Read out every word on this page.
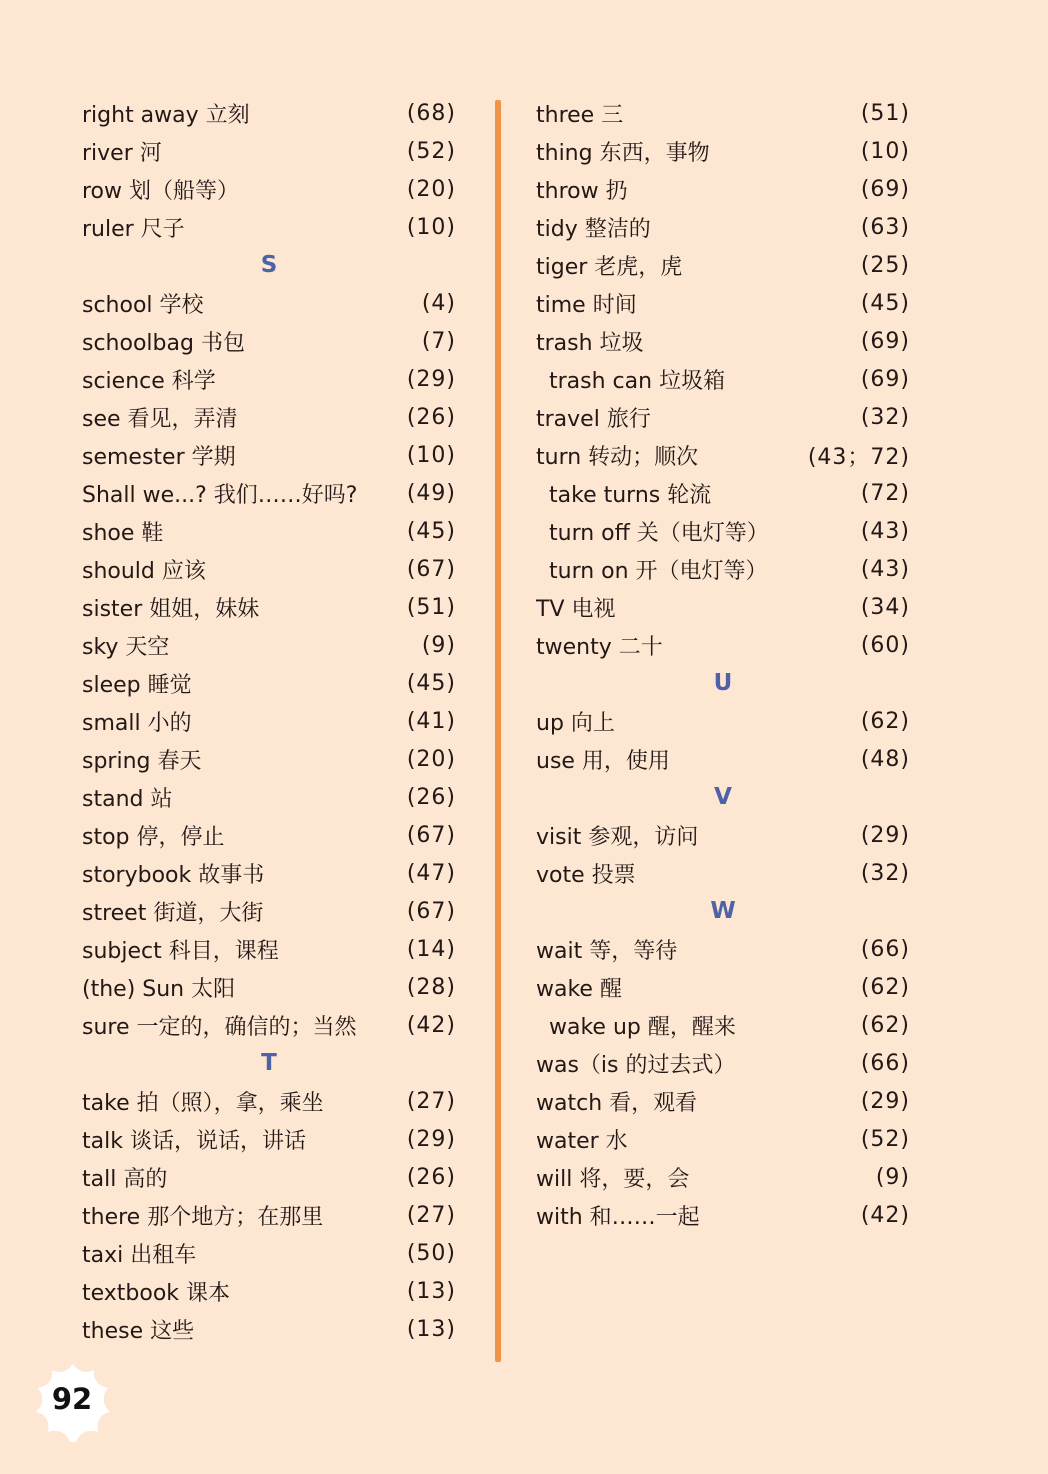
right away 立刻	(68)
river 河	(52)
row 划（船等）	(20)
ruler 尺子	(10)
S
school 学校	(4)
schoolbag 书包	(7)
science 科学	(29)
see 看见，弄清	(26)
semester 学期	(10)
Shall we...? 我们……好吗? (49)
shoe 鞋	(45)
should 应该	(67)
sister 姐姐，妹妹	(51)
sky 天空	(9)
sleep 睡觉	(45)
small 小的	(41)
spring 春天	(20)
stand 站	(26)
stop 停，停止	(67)
storybook 故事书	(47)
street 街道，大街	(67)
subject 科目，课程	(14)
(the) Sun 太阳	(28)
sure 一定的，确信的；当然 (42)
T
take 拍（照），拿，乘坐	(27)
talk 谈话，说话，讲话	(29)
tall 高的	(26)
there 那个地方；在那里	(27)
taxi 出租车	(50)
textbook 课本	(13)
these 这些	(13)
three 三	(51)
thing 东西，事物	(10)
throw 扔	(69)
tidy 整洁的	(63)
tiger 老虎，虎	(25)
time 时间	(45)
trash 垃圾	(69)
trash can 垃圾箱	(69)
travel 旅行	(32)
turn 转动；顺次	(43；72)
take turns 轮流	(72)
turn off 关（电灯等）	(43)
turn on 开（电灯等）	(43)
TV 电视	(34)
twenty 二十	(60)
U
up 向上	(62)
use 用，使用	(48)
V
visit 参观，访问	(29)
vote 投票	(32)
W
wait 等，等待	(66)
wake 醒	(62)
wake up 醒，醒来	(62)
was（is 的过去式）	(66)
watch 看，观看	(29)
water 水	(52)
will 将，要，会	(9)
with 和……一起	(42)
92
